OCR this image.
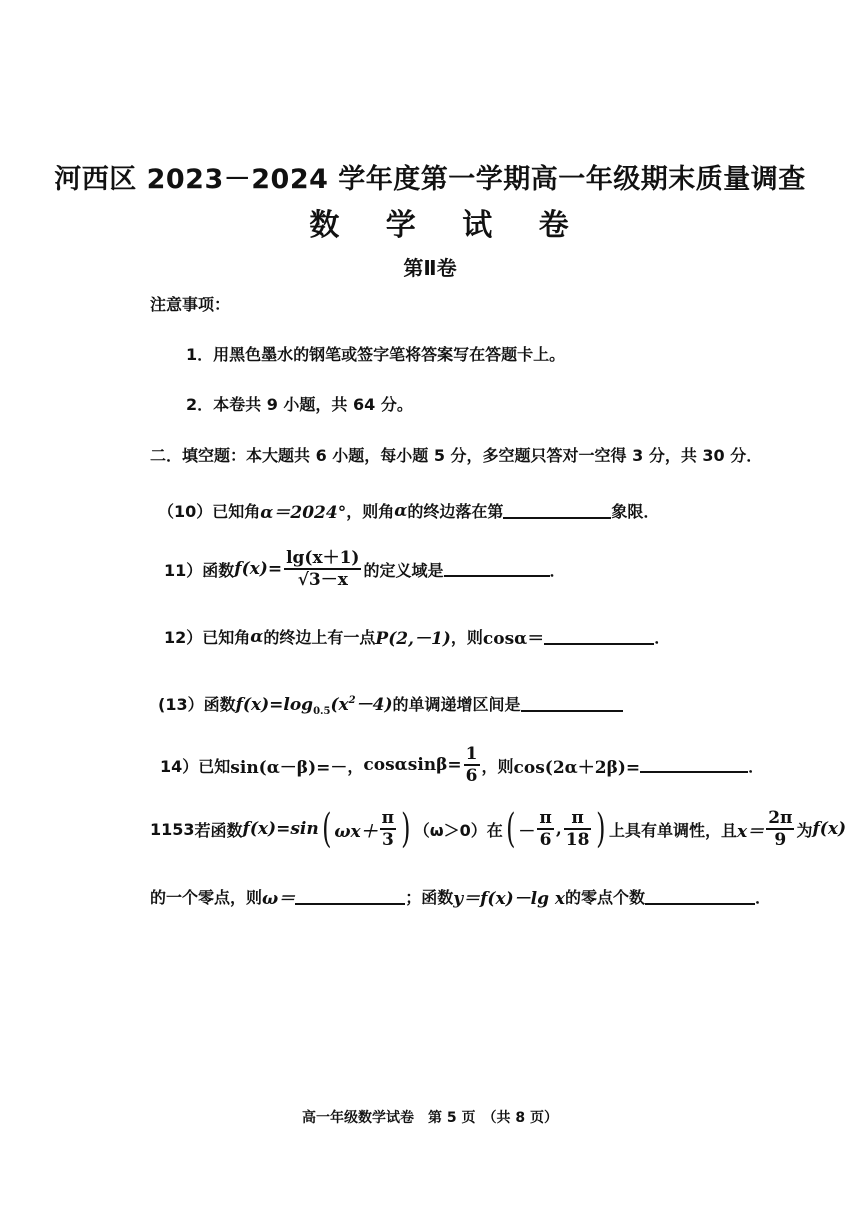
河西区 2023－2024 学年度第一学期高一年级期末质量调查
数 学 试 卷
第Ⅱ卷
注意事项：
1．用黑色墨水的钢笔或签字笔将答案写在答题卡上。
2．本卷共 9 小题，共 64 分。
二．填空题：本大题共 6 小题，每小题 5 分，多空题只答对一空得 3 分，共 30 分．
（10） 已知角 α＝2024° ，则角 α 的终边落在第	象限．
11） 函数 $f(x)= \frac{\lg(x+1)}{√3-x}$ 的定义域是	．
12） 已知角 α 的终边上有一点 P(2,－1) ，则 cosα＝	．
(13） 函数 $f(x)=\log_{0.5}(x^2-4)$ 的单调递增区间是
14） 已知 sin(α－β)=－ ， $\cos\alpha\sin\beta= \frac{1}{6}$ ，则 cos(2α＋2β)=	．
1153 若函数 f(x)=sin ( $\omega x+ \frac{\pi}{3}$ ) （ω＞0）在 ( － $\frac{\pi}{6}$ , $\frac{\pi}{18}$ ) 上具有单调性，且 $x= \frac{2\pi}{9}$ 为 f(x)
的一个零点，则 ω＝	；函数 y＝f(x)－lg x 的零点个数	．
高一年级数学试卷　第 5 页　（共 8 页）
